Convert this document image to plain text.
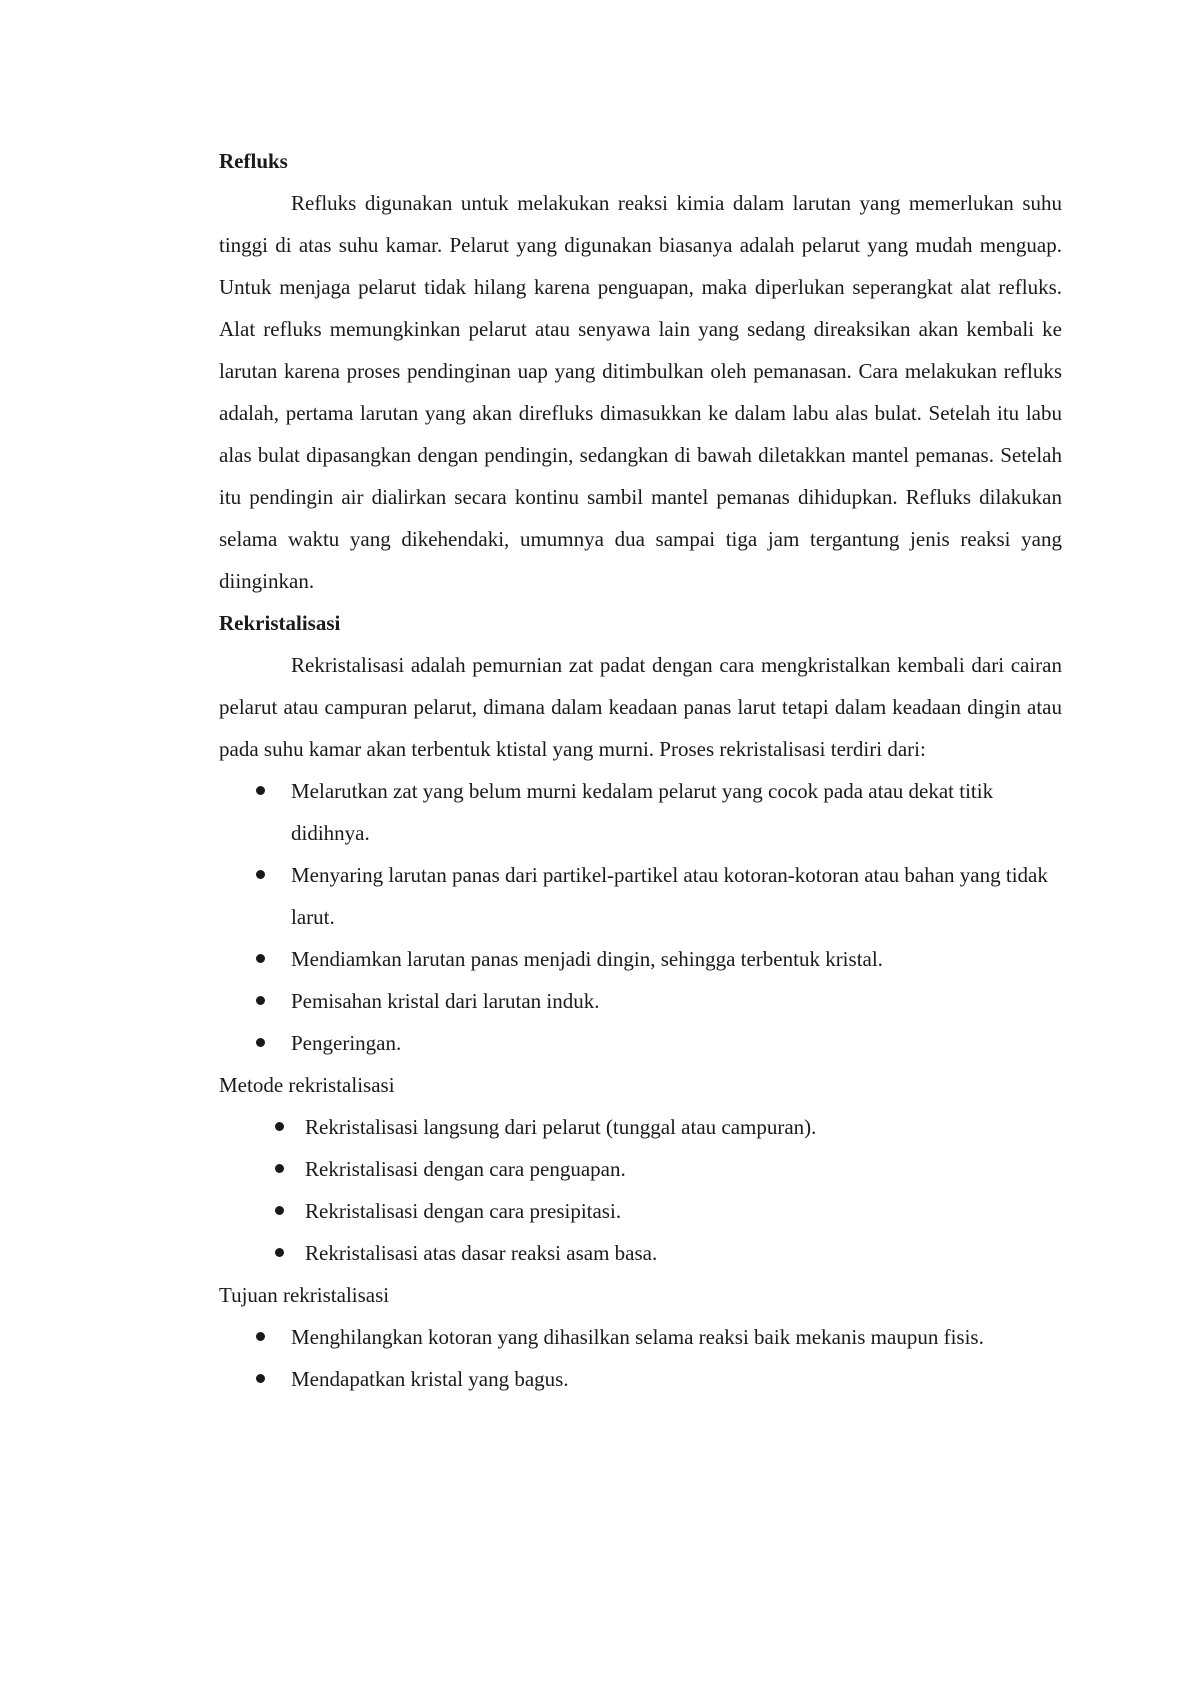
Refluks

Refluks digunakan untuk melakukan reaksi kimia dalam larutan yang memerlukan suhu tinggi di atas suhu kamar. Pelarut yang digunakan biasanya adalah pelarut yang mudah menguap. Untuk menjaga pelarut tidak hilang karena penguapan, maka diperlukan seperangkat alat refluks. Alat refluks memungkinkan pelarut atau senyawa lain yang sedang direaksikan akan kembali ke larutan karena proses pendinginan uap yang ditimbulkan oleh pemanasan. Cara melakukan refluks adalah, pertama larutan yang akan direfluks dimasukkan ke dalam labu alas bulat. Setelah itu labu alas bulat dipasangkan dengan pendingin, sedangkan di bawah diletakkan mantel pemanas. Setelah itu pendingin air dialirkan secara kontinu sambil mantel pemanas dihidupkan. Refluks dilakukan selama waktu yang dikehendaki, umumnya dua sampai tiga jam tergantung jenis reaksi yang diinginkan.

Rekristalisasi

Rekristalisasi adalah pemurnian zat padat dengan cara mengkristalkan kembali dari cairan pelarut atau campuran pelarut, dimana dalam keadaan panas larut tetapi dalam keadaan dingin atau pada suhu kamar akan terbentuk ktistal yang murni. Proses rekristalisasi terdiri dari:

Melarutkan zat yang belum murni kedalam pelarut yang cocok pada atau dekat titik didihnya.
Menyaring larutan panas dari partikel-partikel atau kotoran-kotoran atau bahan yang tidak larut.
Mendiamkan larutan panas menjadi dingin, sehingga terbentuk kristal.
Pemisahan kristal dari larutan induk.
Pengeringan.

Metode rekristalisasi

Rekristalisasi langsung dari pelarut (tunggal atau campuran).
Rekristalisasi dengan cara penguapan.
Rekristalisasi dengan cara presipitasi.
Rekristalisasi atas dasar reaksi asam basa.

Tujuan rekristalisasi

Menghilangkan kotoran yang dihasilkan selama reaksi baik mekanis maupun fisis.
Mendapatkan kristal yang bagus.
